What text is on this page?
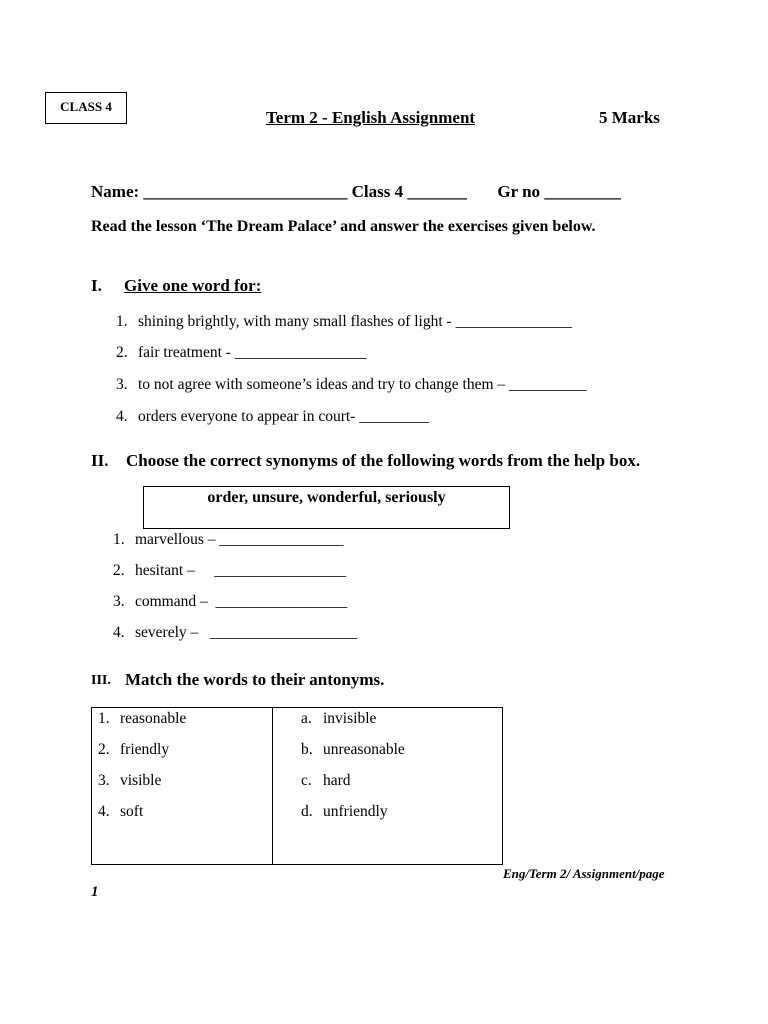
CLASS 4
Term 2 - English Assignment	5 Marks
Name: ________________________ Class 4 _______ Gr no _________
Read the lesson ‘The Dream Palace’ and answer the exercises given below.
I. Give one word for:
1. shining brightly, with many small flashes of light - _______________
2. fair treatment - _________________
3. to not agree with someone’s ideas and try to change them – __________
4. orders everyone to appear in court- _________
II. Choose the correct synonyms of the following words from the help box.
order, unsure, wonderful, seriously
1. marvellous – ________________
2. hesitant –     _________________
3. command –  _________________
4. severely –   ___________________
III. Match the words to their antonyms.
1. reasonable
2. friendly
3. visible
4. soft
a. invisible
b. unreasonable
c. hard
d. unfriendly
Eng/Term 2/ Assignment/page
1
